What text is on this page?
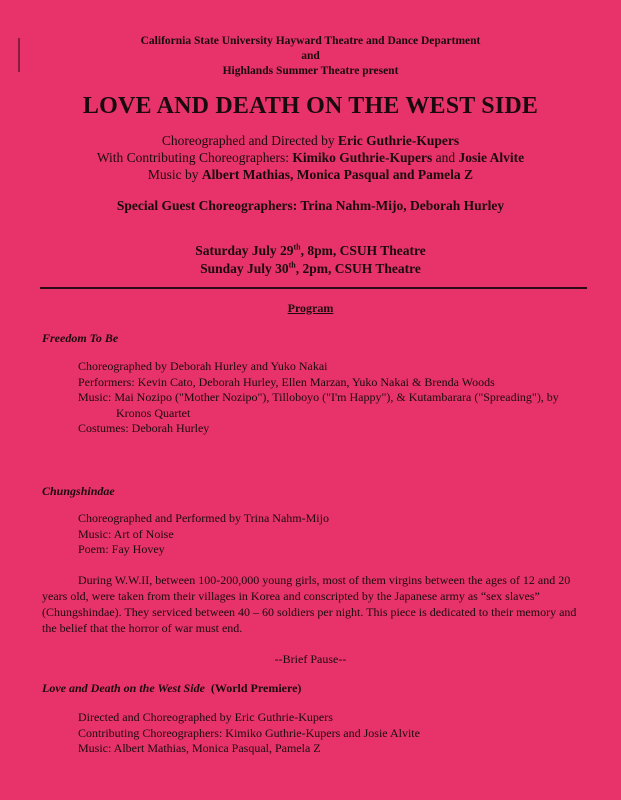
California State University Hayward Theatre and Dance Department
and
Highlands Summer Theatre present
LOVE AND DEATH ON THE WEST SIDE
Choreographed and Directed by Eric Guthrie-Kupers
With Contributing Choreographers: Kimiko Guthrie-Kupers and Josie Alvite
Music by Albert Mathias, Monica Pasqual and Pamela Z
Special Guest Choreographers: Trina Nahm-Mijo, Deborah Hurley
Saturday July 29th, 8pm, CSUH Theatre
Sunday July 30th, 2pm, CSUH Theatre
Program
Freedom To Be
Choreographed by Deborah Hurley and Yuko Nakai
Performers: Kevin Cato, Deborah Hurley, Ellen Marzan, Yuko Nakai & Brenda Woods
Music: Mai Nozipo ("Mother Nozipo"), Tilloboyo ("I'm Happy"), & Kutambarara ("Spreading"), by
Kronos Quartet
Costumes: Deborah Hurley
Chungshindae
Choreographed and Performed by Trina Nahm-Mijo
Music: Art of Noise
Poem: Fay Hovey
During W.W.II, between 100-200,000 young girls, most of them virgins between the ages of 12 and 20 years old, were taken from their villages in Korea and conscripted by the Japanese army as “sex slaves” (Chungshindae). They serviced between 40 – 60 soldiers per night. This piece is dedicated to their memory and the belief that the horror of war must end.
--Brief Pause--
Love and Death on the West Side (World Premiere)
Directed and Choreographed by Eric Guthrie-Kupers
Contributing Choreographers: Kimiko Guthrie-Kupers and Josie Alvite
Music: Albert Mathias, Monica Pasqual, Pamela Z
